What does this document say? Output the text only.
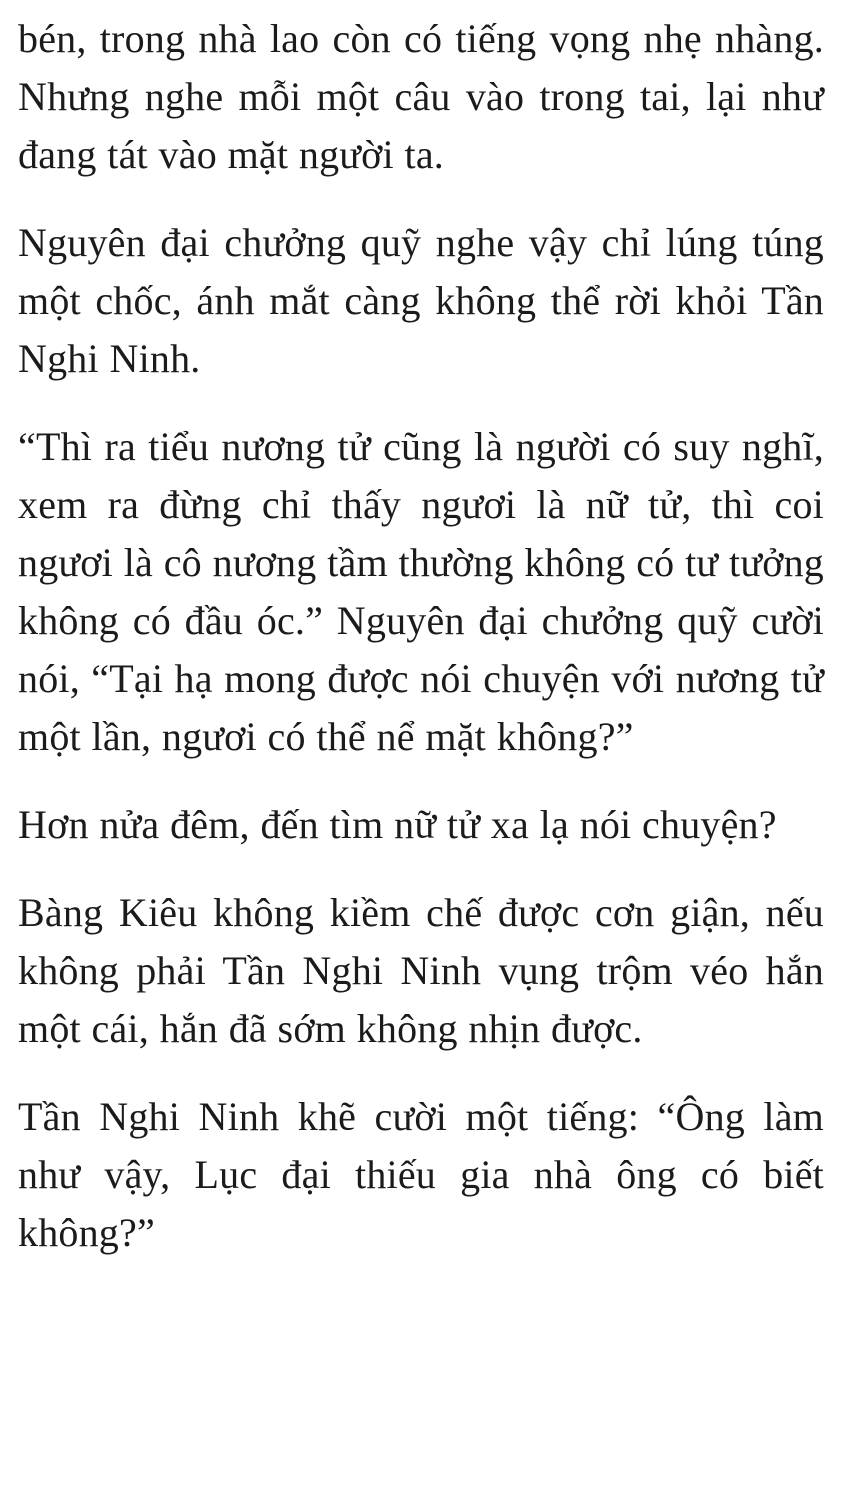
bén, trong nhà lao còn có tiếng vọng nhẹ nhàng. Nhưng nghe mỗi một câu vào trong tai, lại như đang tát vào mặt người ta.

Nguyên đại chưởng quỹ nghe vậy chỉ lúng túng một chốc, ánh mắt càng không thể rời khỏi Tần Nghi Ninh.

“Thì ra tiểu nương tử cũng là người có suy nghĩ, xem ra đừng chỉ thấy ngươi là nữ tử, thì coi ngươi là cô nương tầm thường không có tư tưởng không có đầu óc.” Nguyên đại chưởng quỹ cười nói, “Tại hạ mong được nói chuyện với nương tử một lần, ngươi có thể nể mặt không?”

Hơn nửa đêm, đến tìm nữ tử xa lạ nói chuyện?

Bàng Kiêu không kiềm chế được cơn giận, nếu không phải Tần Nghi Ninh vụng trộm véo hắn một cái, hắn đã sớm không nhịn được.

Tần Nghi Ninh khẽ cười một tiếng: “Ông làm như vậy, Lục đại thiếu gia nhà ông có biết không?”
